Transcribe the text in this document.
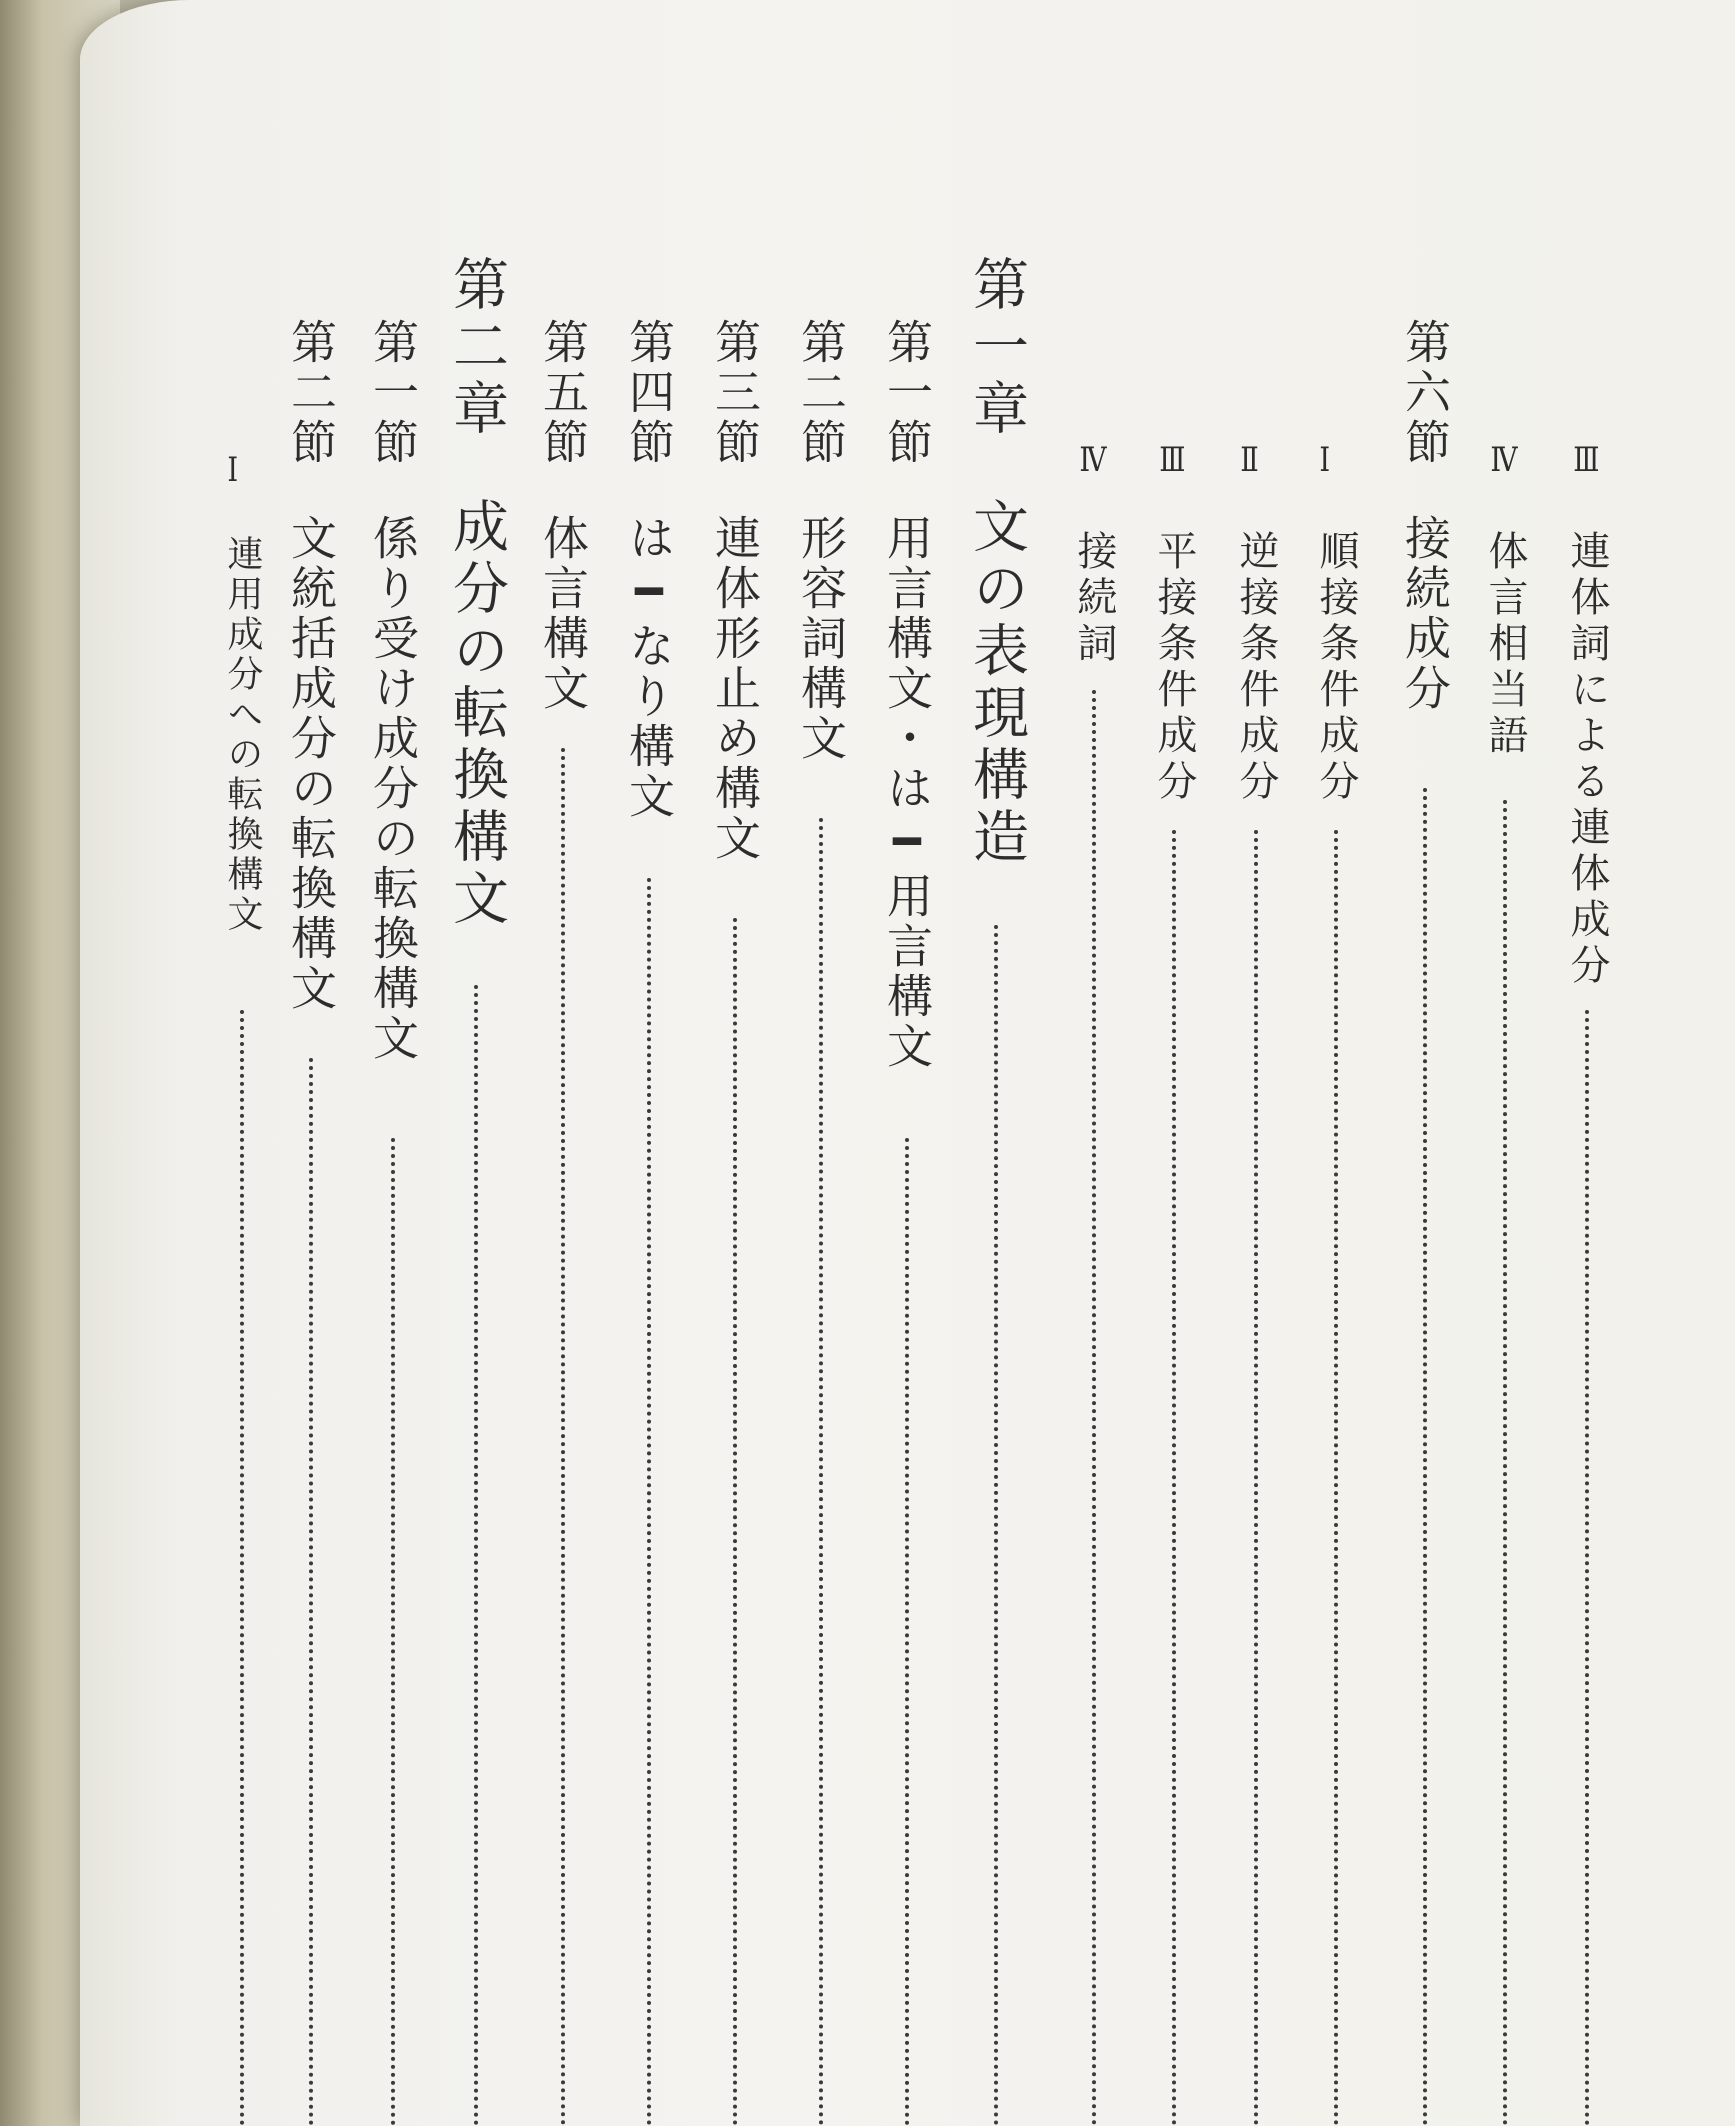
Ⅲ
連体詞による連体成分
Ⅳ
体言相当語
第六節接続成分
Ⅰ
順接条件成分
Ⅱ
逆接条件成分
Ⅲ
平接条件成分
Ⅳ
接続詞
第一章文の表現構造
第一節用言構文・は━用言構文
第二節形容詞構文
第三節連体形止め構文
第四節は━なり構文
第五節体言構文
第二章成分の転換構文
第一節係り受け成分の転換構文
第二節文統括成分の転換構文
Ⅰ
連用成分への転換構文
